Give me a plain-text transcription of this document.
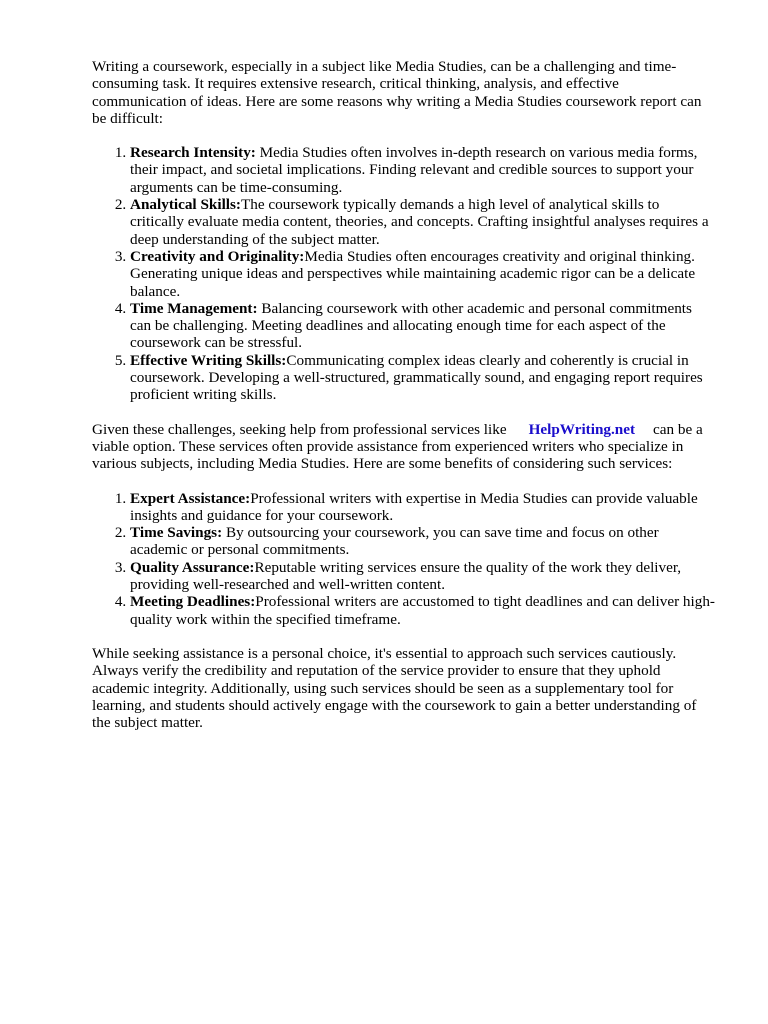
Writing a coursework, especially in a subject like Media Studies, can be a challenging and time-consuming task. It requires extensive research, critical thinking, analysis, and effective communication of ideas. Here are some reasons why writing a Media Studies coursework report can be difficult:

1. Research Intensity: Media Studies often involves in-depth research on various media forms, their impact, and societal implications. Finding relevant and credible sources to support your arguments can be time-consuming.
2. Analytical Skills:The coursework typically demands a high level of analytical skills to critically evaluate media content, theories, and concepts. Crafting insightful analyses requires a deep understanding of the subject matter.
3. Creativity and Originality:Media Studies often encourages creativity and original thinking. Generating unique ideas and perspectives while maintaining academic rigor can be a delicate balance.
4. Time Management: Balancing coursework with other academic and personal commitments can be challenging. Meeting deadlines and allocating enough time for each aspect of the coursework can be stressful.
5. Effective Writing Skills:Communicating complex ideas clearly and coherently is crucial in coursework. Developing a well-structured, grammatically sound, and engaging report requires proficient writing skills.

Given these challenges, seeking help from professional services like HelpWriting.net can be a viable option. These services often provide assistance from experienced writers who specialize in various subjects, including Media Studies. Here are some benefits of considering such services:

1. Expert Assistance:Professional writers with expertise in Media Studies can provide valuable insights and guidance for your coursework.
2. Time Savings: By outsourcing your coursework, you can save time and focus on other academic or personal commitments.
3. Quality Assurance:Reputable writing services ensure the quality of the work they deliver, providing well-researched and well-written content.
4. Meeting Deadlines:Professional writers are accustomed to tight deadlines and can deliver high-quality work within the specified timeframe.

While seeking assistance is a personal choice, it's essential to approach such services cautiously. Always verify the credibility and reputation of the service provider to ensure that they uphold academic integrity. Additionally, using such services should be seen as a supplementary tool for learning, and students should actively engage with the coursework to gain a better understanding of the subject matter.
